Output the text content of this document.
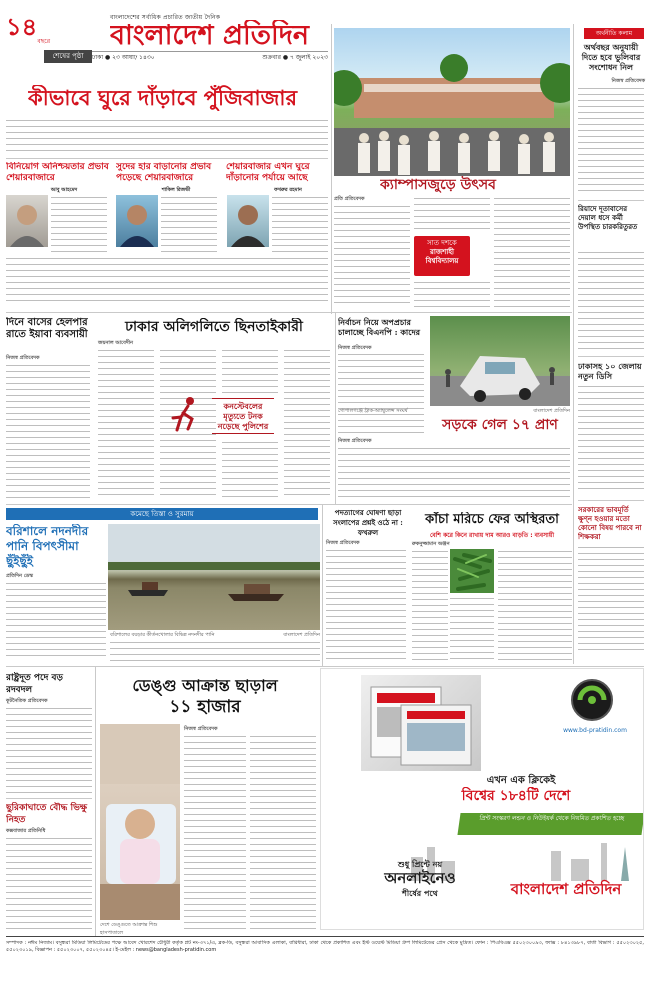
১৪
বছরে
শেষের পৃষ্ঠা
বাংলাদেশের সর্বাধিক প্রচারিত জাতীয় দৈনিক
বাংলাদেশ প্রতিদিন
ঢাকা ● ২৩ আষাঢ় ১৪৩০	শুক্রবার ● ৭ জুলাই ২০২৩
কীভাবে ঘুরে দাঁড়াবে পুঁজিবাজার
বিনিয়োগ অনিশ্চয়তার প্রভাব শেয়ারবাজারে
সুদের হার বাড়ানোর প্রভাব পড়েছে শেয়ারবাজারে
শেয়ারবাজার এখন ঘুরে দাঁড়ানোর পর্যায়ে আছে
আবু আহমেদ	শাকিল রিজভী	ফখরুর রহমান	ক্যাম্পাসজুড়ে উৎসব
প্রতি প্রতিবেদক
সাত দশকে
রাজশাহী বিশ্ববিদ্যালয়
অর্থনীতি কলাম
অর্থবছর অনুযায়ী দিতে হবে ভুলিবার সংশোধন নিল
নিজস্ব প্রতিবেদক
রিয়াদে দূতাবাসের দেয়াল ধসে কর্মী উপস্থিত চারকরিতুরত
ঢাকাসহ ১০ জেলায় নতুন ডিসি
সরকারের ভাবমূর্তি ক্ষুণ্ন হওয়ার মতো কোনো বিষয় পারবে না শিক্ষকরা
দিনে বাসের হেলপার রাতে ইয়াবা ব্যবসায়ী
নিজস্ব প্রতিবেদক
ঢাকার অলিগলিতে ছিনতাইকারী
জয়নাল আবেদীন
কনস্টেবলের মৃত্যুতে টনক নড়েছে পুলিশের
নির্বাচন নিয়ে অপপ্রচার চালাচ্ছে বিএনপি : কাদের
নিজস্ব প্রতিবেদক
গোপালগঞ্জে ট্রাক-অ্যাম্বুলেন্স সংঘর্ষ	বাংলাদেশ প্রতিদিন
সড়কে গেল ১৭ প্রাণ
নিজস্ব প্রতিবেদক
কমেছে তিস্তা ও সুরমায়
বরিশালে নদনদীর পানি বিপৎসীমা ছুঁইছুঁই
প্রতিদিন ডেস্ক
বরিশালের বয়ড়ার কীর্তনখোলার বিভিন্ন নদনদীর পানি	বাংলাদেশ প্রতিদিন
পদত্যাগের ঘোষণা ছাড়া সংলাপের প্রশ্নই ওঠে না : ফখরুল
নিজস্ব প্রতিবেদক
কাঁচা মরিচে ফের অস্থিরতা
বেশি করে কিনে রাখায় দাম আরও বাড়তি : ব্যবসায়ী
রুকনুজ্জামান অঞ্জন
রাষ্ট্রদূত পদে বড় রদবদল
কূটনৈতিক প্রতিবেদক
ছুরিকাঘাতে বৌদ্ধ ভিক্ষু নিহত
কক্সবাজার প্রতিনিধি
ডেঙ্গু আক্রান্ত ছাড়াল
১১ হাজার
নিজস্ব প্রতিবেদক
দেশে ডেঙ্গুতে আক্রান্ত শিশু হাসপাতালে
www.bd-pratidin.com
এখন এক ক্লিকেই
বিশ্বের ১৮৪টি দেশে
প্রিন্ট সংস্করণ লন্ডন ও নিউইয়র্ক থেকে নিয়মিত প্রকাশিত হচ্ছে
শুধু প্রিন্টে নয়
অনলাইনেও
শীর্ষের পথে	বাংলাদেশ প্রতিদিন
সম্পাদক : নঈম নিজাম। বসুন্ধরা মিডিয়া লিমিটেডের পক্ষে আবেদ খোরশেদ চৌধুরী কর্তৃক প্লট নং-৩৭১/এ, ব্লক-ডি, বসুন্ধরা আবাসিক এলাকা, বারিধারা, ঢাকা থেকে প্রকাশিত এবং ইস্ট ওয়েস্ট মিডিয়া গ্রুপ লিমিটেডের প্রেস থেকে মুদ্রিত। ফোন : পিএবিএক্স ৫৫০২৩০০৯৩, ফ্যাক্স : ৮৪১৩৯৮৭, বার্তা বিভাগ : ৫৫০২৩০২৫, ৫৫০২৩০১৯, বিজ্ঞাপন : ৫৫০২৩০০৭, ৫৫০২৩০৪৫। ই-মেইল : news@bangladesh-pratidin.com
